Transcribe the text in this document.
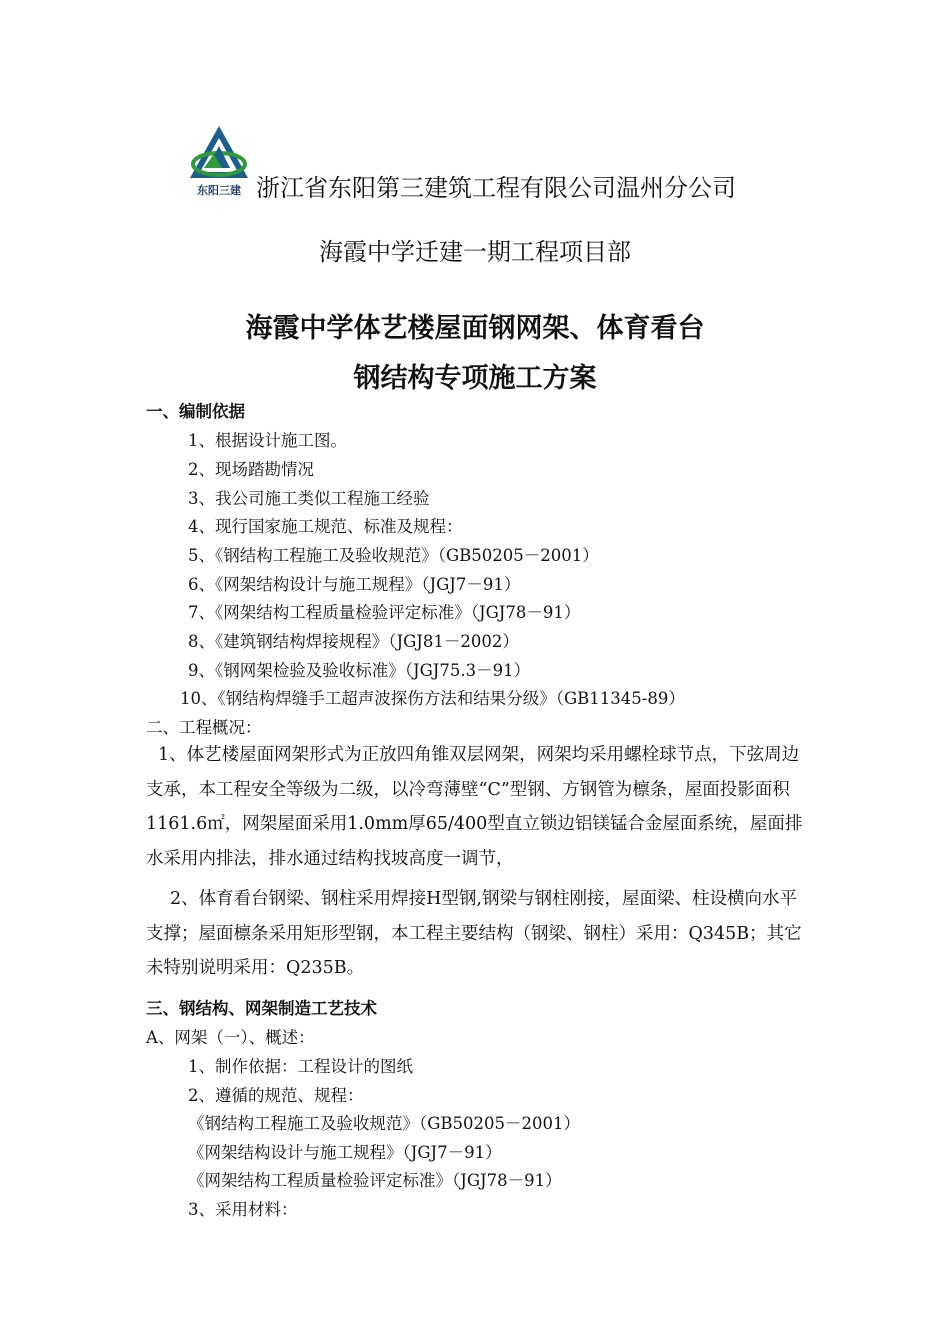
东阳三建 浙江省东阳第三建筑工程有限公司温州分公司
海霞中学迁建一期工程项目部
海霞中学体艺楼屋面钢网架、体育看台
钢结构专项施工方案
一、编制依据
1、根据设计施工图。
2、现场踏勘情况
3、我公司施工类似工程施工经验
4、现行国家施工规范、标准及规程：
5、《钢结构工程施工及验收规范》（GB50205－2001）
6、《网架结构设计与施工规程》（JGJ7－91）
7、《网架结构工程质量检验评定标准》（JGJ78－91）
8、《建筑钢结构焊接规程》（JGJ81－2002）
9、《钢网架检验及验收标准》（JGJ75.3－91）
10、《钢结构焊缝手工超声波探伤方法和结果分级》（GB11345-89）
二、工程概况：
1、体艺楼屋面网架形式为正放四角锥双层网架，网架均采用螺栓球节点，下弦周边支承，本工程安全等级为二级，以冷弯薄壁“C”型钢、方钢管为檩条，屋面投影面积1161.6㎡，网架屋面采用1.0mm厚65/400型直立锁边铝镁锰合金屋面系统，屋面排水采用内排法，排水通过结构找坡高度一调节，
2、体育看台钢梁、钢柱采用焊接H型钢,钢梁与钢柱刚接，屋面梁、柱设横向水平支撑；屋面檩条采用矩形型钢，本工程主要结构（钢梁、钢柱）采用：Q345B；其它未特别说明采用：Q235B。
三、钢结构、网架制造工艺技术
A、网架（一）、概述：
1、制作依据：工程设计的图纸
2、遵循的规范、规程：
《钢结构工程施工及验收规范》（GB50205－2001）
《网架结构设计与施工规程》（JGJ7－91）
《网架结构工程质量检验评定标准》（JGJ78－91）
3、采用材料：
